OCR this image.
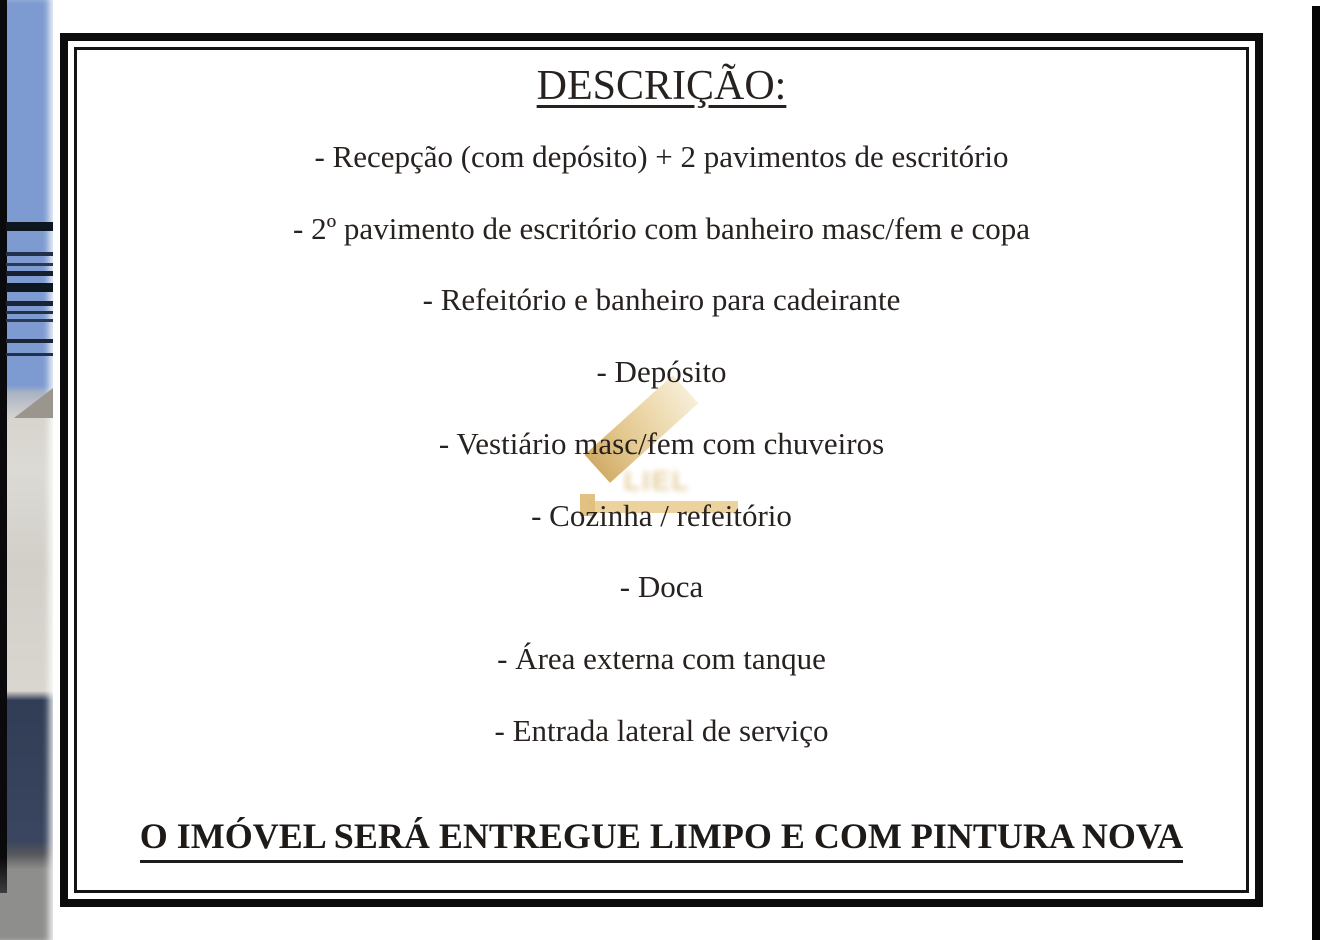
LIEL
DESCRIÇÃO:
- Recepção (com depósito) + 2 pavimentos de escritório
- 2º pavimento de escritório com banheiro masc/fem e copa
- Refeitório e banheiro para cadeirante
- Depósito
- Vestiário masc/fem com chuveiros
- Cozinha / refeitório
- Doca
- Área externa com tanque
- Entrada lateral de serviço
O IMÓVEL SERÁ ENTREGUE LIMPO E COM PINTURA NOVA
